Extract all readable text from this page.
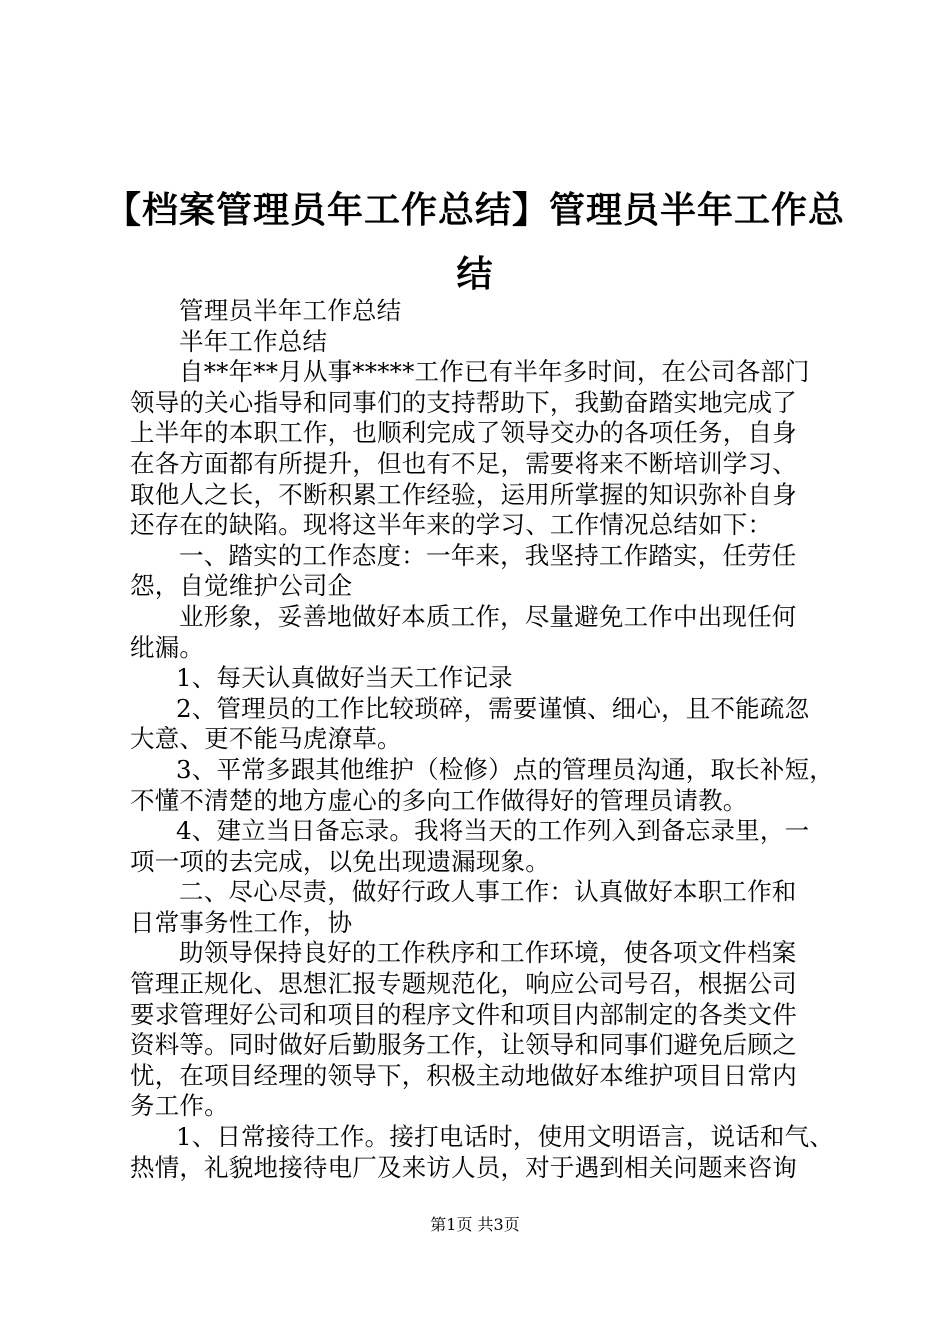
【档案管理员年工作总结】管理员半年工作总
结
管理员半年工作总结
半年工作总结
自**年**月从事*****工作已有半年多时间，在公司各部门
领导的关心指导和同事们的支持帮助下，我勤奋踏实地完成了
上半年的本职工作，也顺利完成了领导交办的各项任务，自身
在各方面都有所提升，但也有不足，需要将来不断培训学习、
取他人之长，不断积累工作经验，运用所掌握的知识弥补自身
还存在的缺陷。现将这半年来的学习、工作情况总结如下：
一、踏实的工作态度：一年来，我坚持工作踏实，任劳任
怨，自觉维护公司企
业形象，妥善地做好本质工作，尽量避免工作中出现任何
纰漏。
1、每天认真做好当天工作记录
2、管理员的工作比较琐碎，需要谨慎、细心，且不能疏忽
大意、更不能马虎潦草。
3、平常多跟其他维护（检修）点的管理员沟通，取长补短，
不懂不清楚的地方虚心的多向工作做得好的管理员请教。
4、建立当日备忘录。我将当天的工作列入到备忘录里，一
项一项的去完成，以免出现遗漏现象。
二、尽心尽责，做好行政人事工作：认真做好本职工作和
日常事务性工作，协
助领导保持良好的工作秩序和工作环境，使各项文件档案
管理正规化、思想汇报专题规范化，响应公司号召，根据公司
要求管理好公司和项目的程序文件和项目内部制定的各类文件
资料等。同时做好后勤服务工作，让领导和同事们避免后顾之
忧，在项目经理的领导下，积极主动地做好本维护项目日常内
务工作。
1、日常接待工作。接打电话时，使用文明语言，说话和气、
热情，礼貌地接待电厂及来访人员，对于遇到相关问题来咨询
第1页 共3页
